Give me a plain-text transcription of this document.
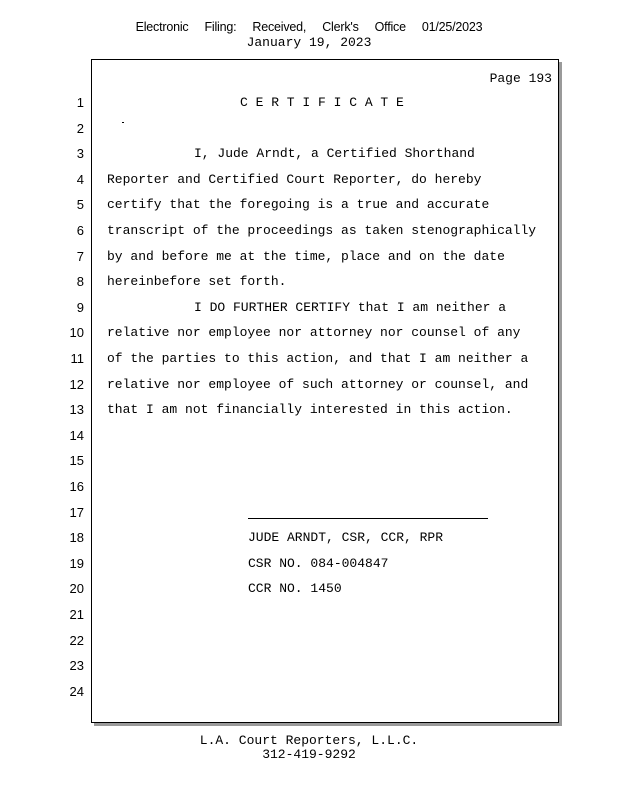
Electronic Filing: Received, Clerk's Office 01/25/2023
January 19, 2023
Page 193
1	C E R T I F I C A T E
2
3	I, Jude Arndt, a Certified Shorthand
4 Reporter and Certified Court Reporter, do hereby
5 certify that the foregoing is a true and accurate
6 transcript of the proceedings as taken stenographically
7 by and before me at the time, place and on the date
8 hereinbefore set forth.
9	I DO FURTHER CERTIFY that I am neither a
10 relative nor employee nor attorney nor counsel of any
11 of the parties to this action, and that I am neither a
12 relative nor employee of such attorney or counsel, and
13 that I am not financially interested in this action.
14
15
16
17
18	JUDE ARNDT, CSR, CCR, RPR
19	CSR NO. 084-004847
20	CCR NO. 1450
21
22
23
24
L.A. Court Reporters, L.L.C.
312-419-9292
